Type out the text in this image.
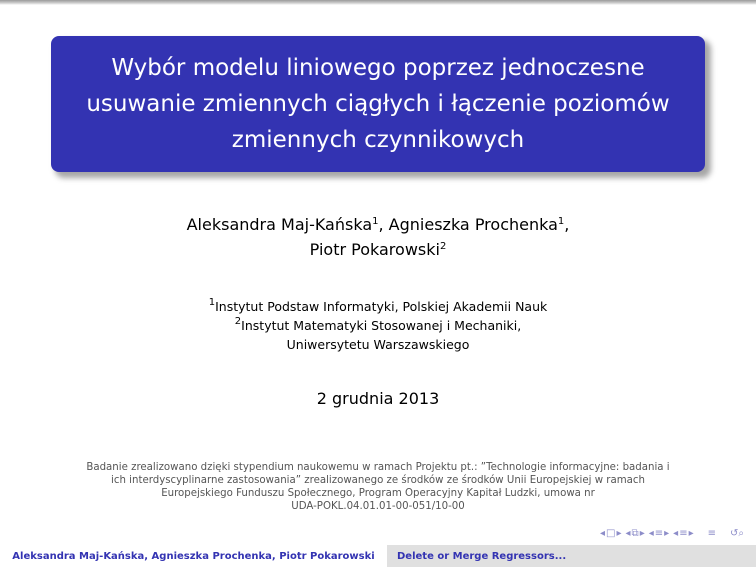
Wybór modelu liniowego poprzez jednoczesne
usuwanie zmiennych ciągłych i łączenie poziomów
zmiennych czynnikowych
Aleksandra Maj-Kańska$^1$, Agnieszka Prochenka$^1$,
Piotr Pokarowski$^2$
$^1$Instytut Podstaw Informatyki, Polskiej Akademii Nauk
$^2$Instytut Matematyki Stosowanej i Mechaniki,
Uniwersytetu Warszawskiego
2 grudnia 2013
Badanie zrealizowano dzięki stypendium naukowemu w ramach Projektu pt.: ”Technologie informacyjne: badania i
ich interdyscyplinarne zastosowania” zrealizowanego ze środków ze środków Unii Europejskiej w ramach
Europejskiego Funduszu Społecznego, Program Operacyjny Kapitał Ludzki, umowa nr
UDA-POKL.04.01.01-00-051/10-00
◂ □ ▸ ◂ ⧉ ▸ ◂ ≡ ▸ ◂ ≡ ▸ ≡ ↺⌕
Aleksandra Maj-Kańska, Agnieszka Prochenka, Piotr Pokarowski	Delete or Merge Regressors...
